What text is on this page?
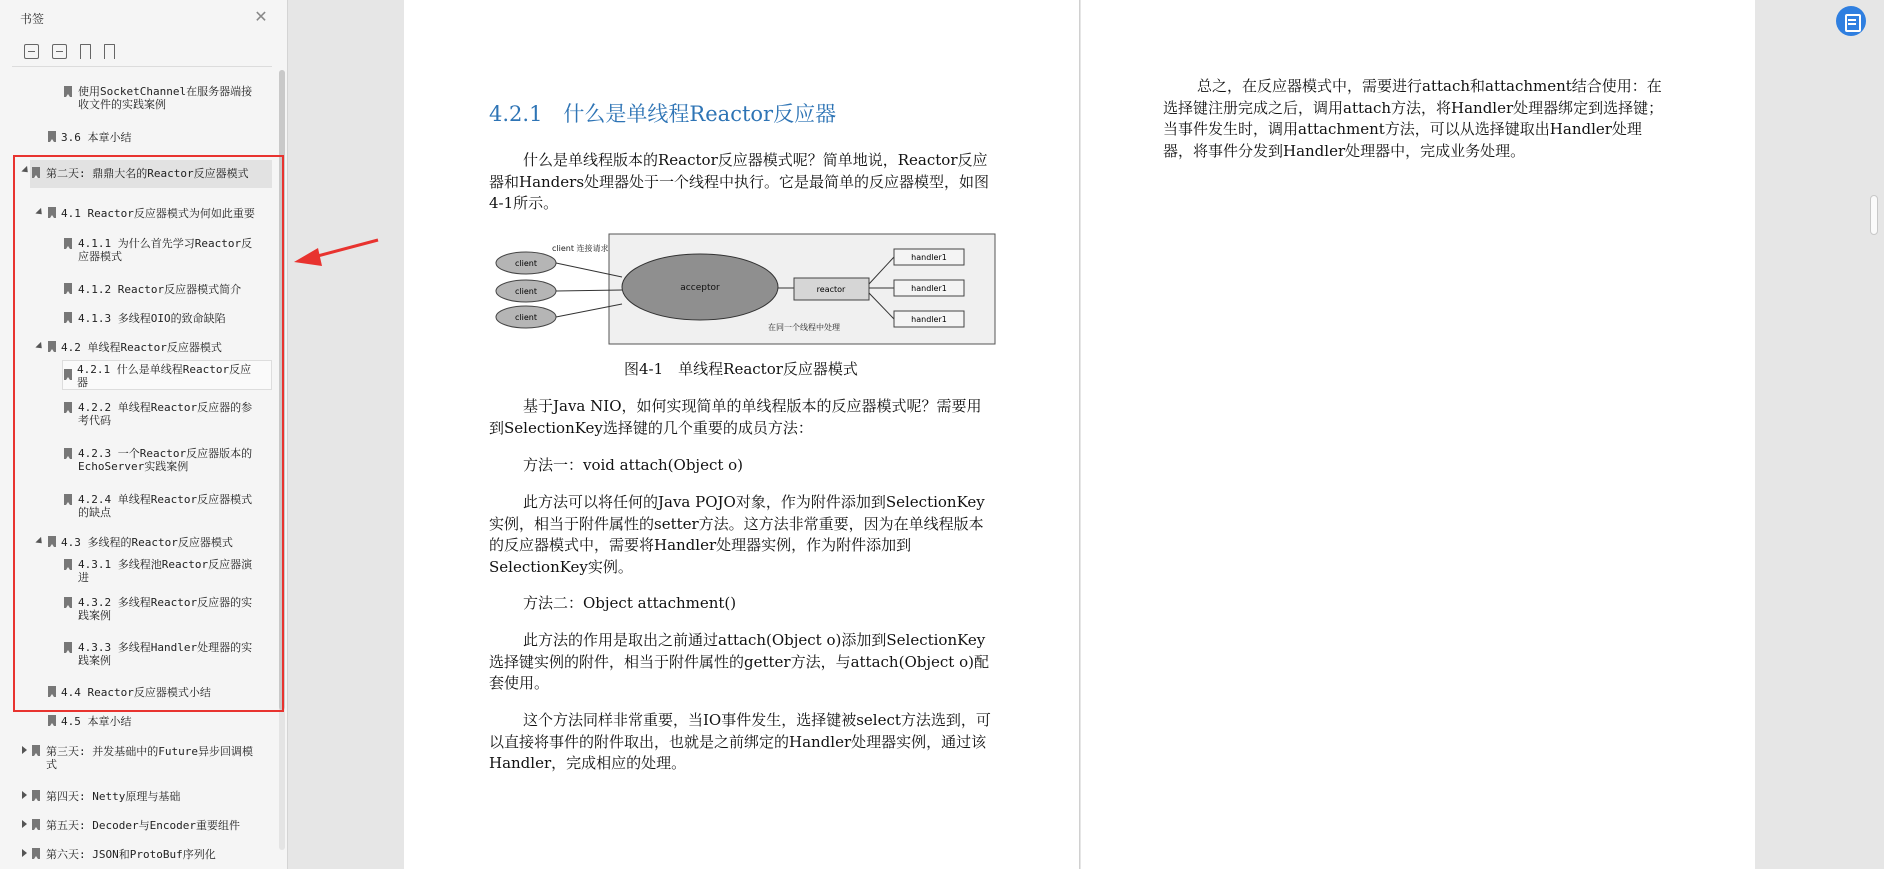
书签	✕
使用SocketChannel在服务器端接收文件的实践案例
3.6 本章小结
第二天: 鼎鼎大名的Reactor反应器模式
4.1 Reactor反应器模式为何如此重要
4.1.1 为什么首先学习Reactor反应器模式
4.1.2 Reactor反应器模式简介
4.1.3 多线程OIO的致命缺陷
4.2 单线程Reactor反应器模式
4.2.1 什么是单线程Reactor反应器
4.2.2 单线程Reactor反应器的参考代码
4.2.3 一个Reactor反应器版本的EchoServer实践案例
4.2.4 单线程Reactor反应器模式的缺点
4.3 多线程的Reactor反应器模式
4.3.1 多线程池Reactor反应器演进
4.3.2 多线程Reactor反应器的实践案例
4.3.3 多线程Handler处理器的实践案例
4.4 Reactor反应器模式小结
4.5 本章小结
第三天: 并发基础中的Future异步回调模式
第四天: Netty原理与基础
第五天: Decoder与Encoder重要组件
第六天: JSON和ProtoBuf序列化
4.2.1　什么是单线程Reactor反应器
什么是单线程版本的Reactor反应器模式呢？简单地说，Reactor反应器和Handers处理器处于一个线程中执行。它是最简单的反应器模型，如图4-1所示。
client 连接请求
client
client
client
acceptor	reactor
handler1
handler1
handler1
在同一个线程中处理
图4-1　单线程Reactor反应器模式
基于Java NIO，如何实现简单的单线程版本的反应器模式呢？需要用到SelectionKey选择键的几个重要的成员方法：
方法一：void attach(Object o)
此方法可以将任何的Java POJO对象，作为附件添加到SelectionKey实例，相当于附件属性的setter方法。这方法非常重要，因为在单线程版本的反应器模式中，需要将Handler处理器实例，作为附件添加到SelectionKey实例。
方法二：Object attachment()
此方法的作用是取出之前通过attach(Object o)添加到SelectionKey选择键实例的附件，相当于附件属性的getter方法，与attach(Object o)配套使用。
这个方法同样非常重要，当IO事件发生，选择键被select方法选到，可以直接将事件的附件取出，也就是之前绑定的Handler处理器实例，通过该Handler，完成相应的处理。
总之，在反应器模式中，需要进行attach和attachment结合使用：在选择键注册完成之后，调用attach方法，将Handler处理器绑定到选择键；当事件发生时，调用attachment方法，可以从选择键取出Handler处理器，将事件分发到Handler处理器中，完成业务处理。
